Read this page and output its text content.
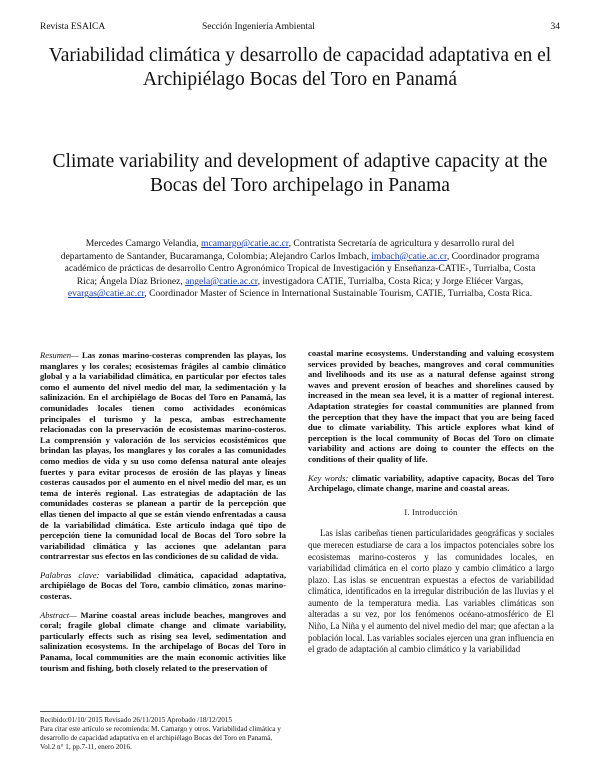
Revista ESAICA	Sección Ingeniería Ambiental	34
Variabilidad climática y desarrollo de capacidad adaptativa en el Archipiélago Bocas del Toro en Panamá
Climate variability and development of adaptive capacity at the Bocas del Toro archipelago in Panama
Mercedes Camargo Velandia, mcamargo@catie.ac.cr, Contratista Secretaría de agricultura y desarrollo rural del departamento de Santander, Bucaramanga, Colombia; Alejandro Carlos Imbach, imbach@catie.ac.cr, Coordinador programa académico de prácticas de desarrollo Centro Agronómico Tropical de Investigación y Enseñanza-CATIE-, Turrialba, Costa Rica; Ángela Díaz Brionez, angela@catie.ac.cr, investigadora CATIE, Turrialba, Costa Rica; y Jorge Eliécer Vargas, evargas@catie.ac.cr, Coordinador Master of Science in International Sustainable Tourism, CATIE, Turrialba, Costa Rica.

Resumen— Las zonas marino-costeras comprenden las playas, los manglares y los corales; ecosistemas frágiles al cambio climático global y a la variabilidad climática, en particular por efectos tales como el aumento del nivel medio del mar, la sedimentación y la salinización. En el archipiélago de Bocas del Toro en Panamá, las comunidades locales tienen como actividades económicas principales el turismo y la pesca, ambas estrechamente relacionadas con la preservación de ecosistemas marino-costeros. La comprensión y valoración de los servicios ecosistémicos que brindan las playas, los manglares y los corales a las comunidades como medios de vida y su uso como defensa natural ante oleajes fuertes y para evitar procesos de erosión de las playas y líneas costeras causados por el aumento en el nivel medio del mar, es un tema de interés regional. Las estrategias de adaptación de las comunidades costeras se planean a partir de la percepción que ellas tienen del impacto al que se están viendo enfrentadas a causa de la variabilidad climática. Este artículo indaga qué tipo de percepción tiene la comunidad local de Bocas del Toro sobre la variabilidad climática y las acciones que adelantan para contrarrestar sus efectos en las condiciones de su calidad de vida.

Palabras clave: variabilidad climática, capacidad adaptativa, archipiélago de Bocas del Toro, cambio climático, zonas marino-costeras.

Abstract— Marine coastal areas include beaches, mangroves and coral; fragile global climate change and climate variability, particularly effects such as rising sea level, sedimentation and salinization ecosystems. In the archipelago of Bocas del Toro in Panama, local communities are the main economic activities like tourism and fishing, both closely related to the preservation of

coastal marine ecosystems. Understanding and valuing ecosystem services provided by beaches, mangroves and coral communities and livelihoods and its use as a natural defense against strong waves and prevent erosion of beaches and shorelines caused by increased in the mean sea level, it is a matter of regional interest. Adaptation strategies for coastal communities are planned from the perception that they have the impact that you are being faced due to climate variability. This article explores what kind of perception is the local community of Bocas del Toro on climate variability and actions are doing to counter the effects on the conditions of their quality of life.

Key words: climatic variability, adaptive capacity, Bocas del Toro Archipelago, climate change, marine and coastal areas.

I. Introducción

Las islas caribeñas tienen particularidades geográficas y sociales que merecen estudiarse de cara a los impactos potenciales sobre los ecosistemas marino-costeros y las comunidades locales, en variabilidad climática en el corto plazo y cambio climático a largo plazo. Las islas se encuentran expuestas a efectos de variabilidad climática, identificados en la irregular distribución de las lluvias y el aumento de la temperatura media. Las variables climáticas son alteradas a su vez, por los fenómenos océano-atmosférico de El Niño, La Niña y el aumento del nivel medio del mar; que afectan a la población local. Las variables sociales ejercen una gran influencia en el grado de adaptación al cambio climático y la variabilidad

Recibido:01/10/ 2015 Revisado 26/11/2015 Aprobado /18/12/2015
Para citar este artículo se recomienda: M. Camargo y otros. Variabilidad climática y desarrollo de capacidad adaptativa en el archipiélago Bocas del Toro en Panamá, Vol.2 n° 1, pp.7-11, enero 2016.
